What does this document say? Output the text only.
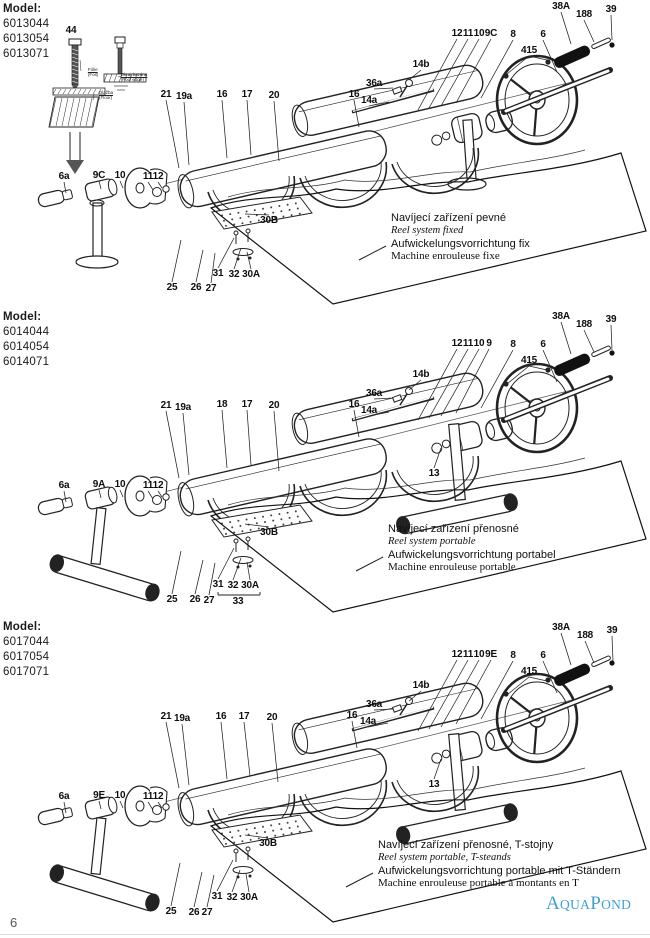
Model:
6013044
6013054
6013071
44
21 19a 16 17 20	16
36a
14a
14b
12 11 10 9C 8
415
6
38A
188 39
6a 9C 10 11 12
30B
31 32 30A
25 26 27
Fólie
(Foil)	Okraj bazénu
(Pool edge)
Dlažba
(Floor)
Navíjecí zařízení pevné
Reel system fixed
Aufwickelungsvorrichtung fix
Machine enrouleuse fixe
Model:
6014044
6014054
6014071
21 19a	18 17 20	16
36a
14a
14b
12 11 10 9 8
415
6
38A
188 39
13
6a 9A 10 11 12
30B
31 32 30A
33
25 26 27
Navíjecí zařízení přenosné
Reel system portable
Aufwickelungsvorrichtung portabel
Machine enrouleuse portable
Model:
6017044
6017054
6017071
21 19a	16 17 20	16
36a
14a
14b
12 11 10 9E 8
415
6
38A
188 39
13
6a 9E 10 11 12
30B
31 32 30A
25 26 27
Navíjecí zařízení přenosné, T-stojny
Reel system portable, T-steands
Aufwickelungsvorrichtung portable mit T-Ständern
Machine enrouleuse portable à montants en T
6
AQUAPOND
